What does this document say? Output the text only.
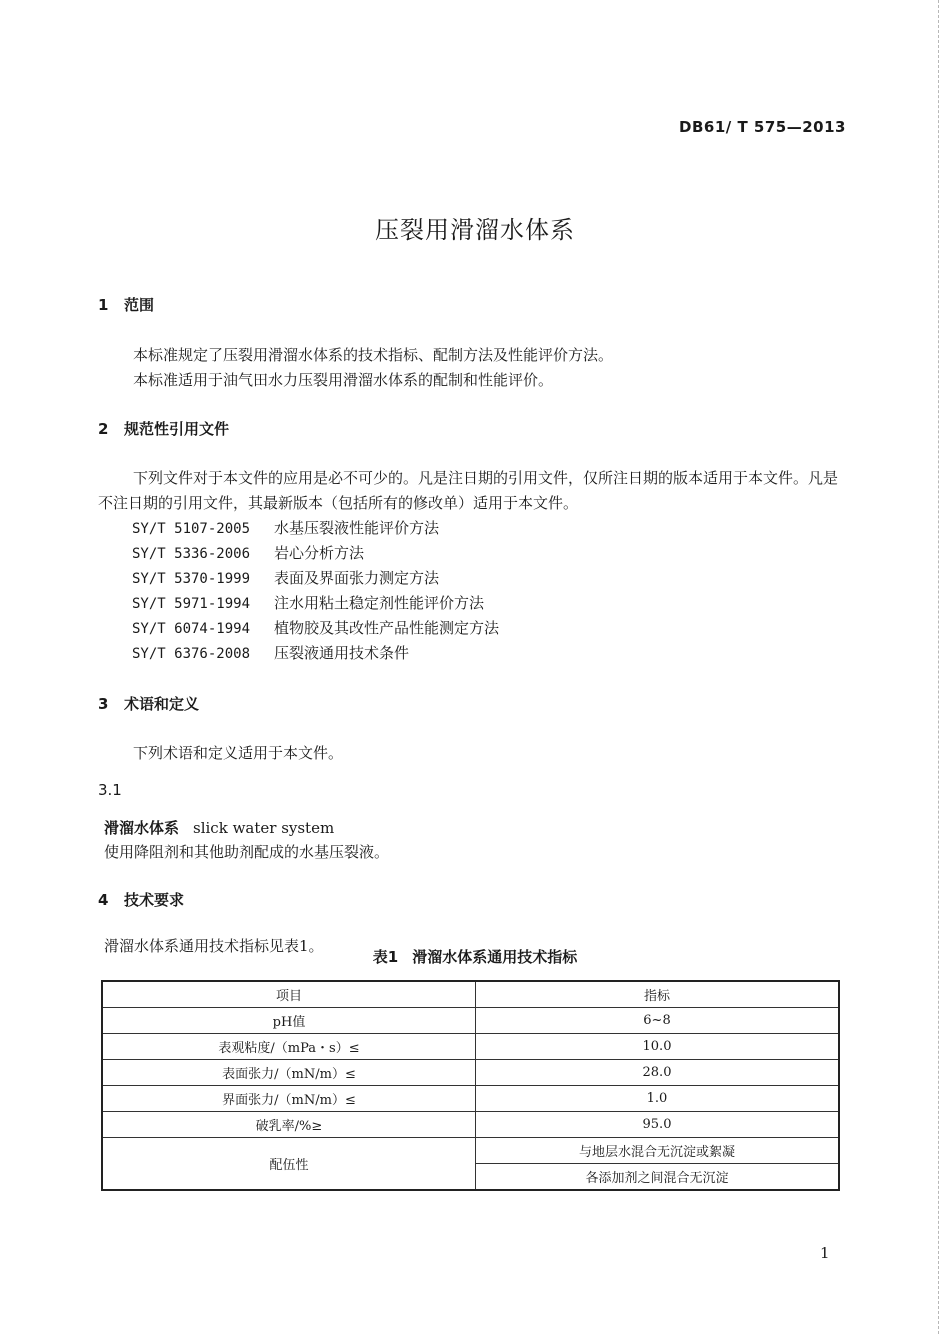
DB61/ T 575—2013
压裂用滑溜水体系
1 范围
本标准规定了压裂用滑溜水体系的技术指标、配制方法及性能评价方法。
本标准适用于油气田水力压裂用滑溜水体系的配制和性能评价。
2 规范性引用文件
下列文件对于本文件的应用是必不可少的。凡是注日期的引用文件，仅所注日期的版本适用于本文件。凡是不注日期的引用文件，其最新版本（包括所有的修改单）适用于本文件。
SY/T 5107-2005 水基压裂液性能评价方法
SY/T 5336-2006 岩心分析方法
SY/T 5370-1999 表面及界面张力测定方法
SY/T 5971-1994 注水用粘土稳定剂性能评价方法
SY/T 6074-1994 植物胶及其改性产品性能测定方法
SY/T 6376-2008 压裂液通用技术条件
3 术语和定义
下列术语和定义适用于本文件。
3.1
滑溜水体系 slick water system
使用降阻剂和其他助剂配成的水基压裂液。
4 技术要求
滑溜水体系通用技术指标见表1。
表1 滑溜水体系通用技术指标
项目	指标
pH值	6~8
表观粘度/（mPa・s）≤	10.0
表面张力/（mN/m）≤	28.0
界面张力/（mN/m）≤	1.0
破乳率/%≥	95.0
配伍性	与地层水混合无沉淀或絮凝
	各添加剂之间混合无沉淀
1
